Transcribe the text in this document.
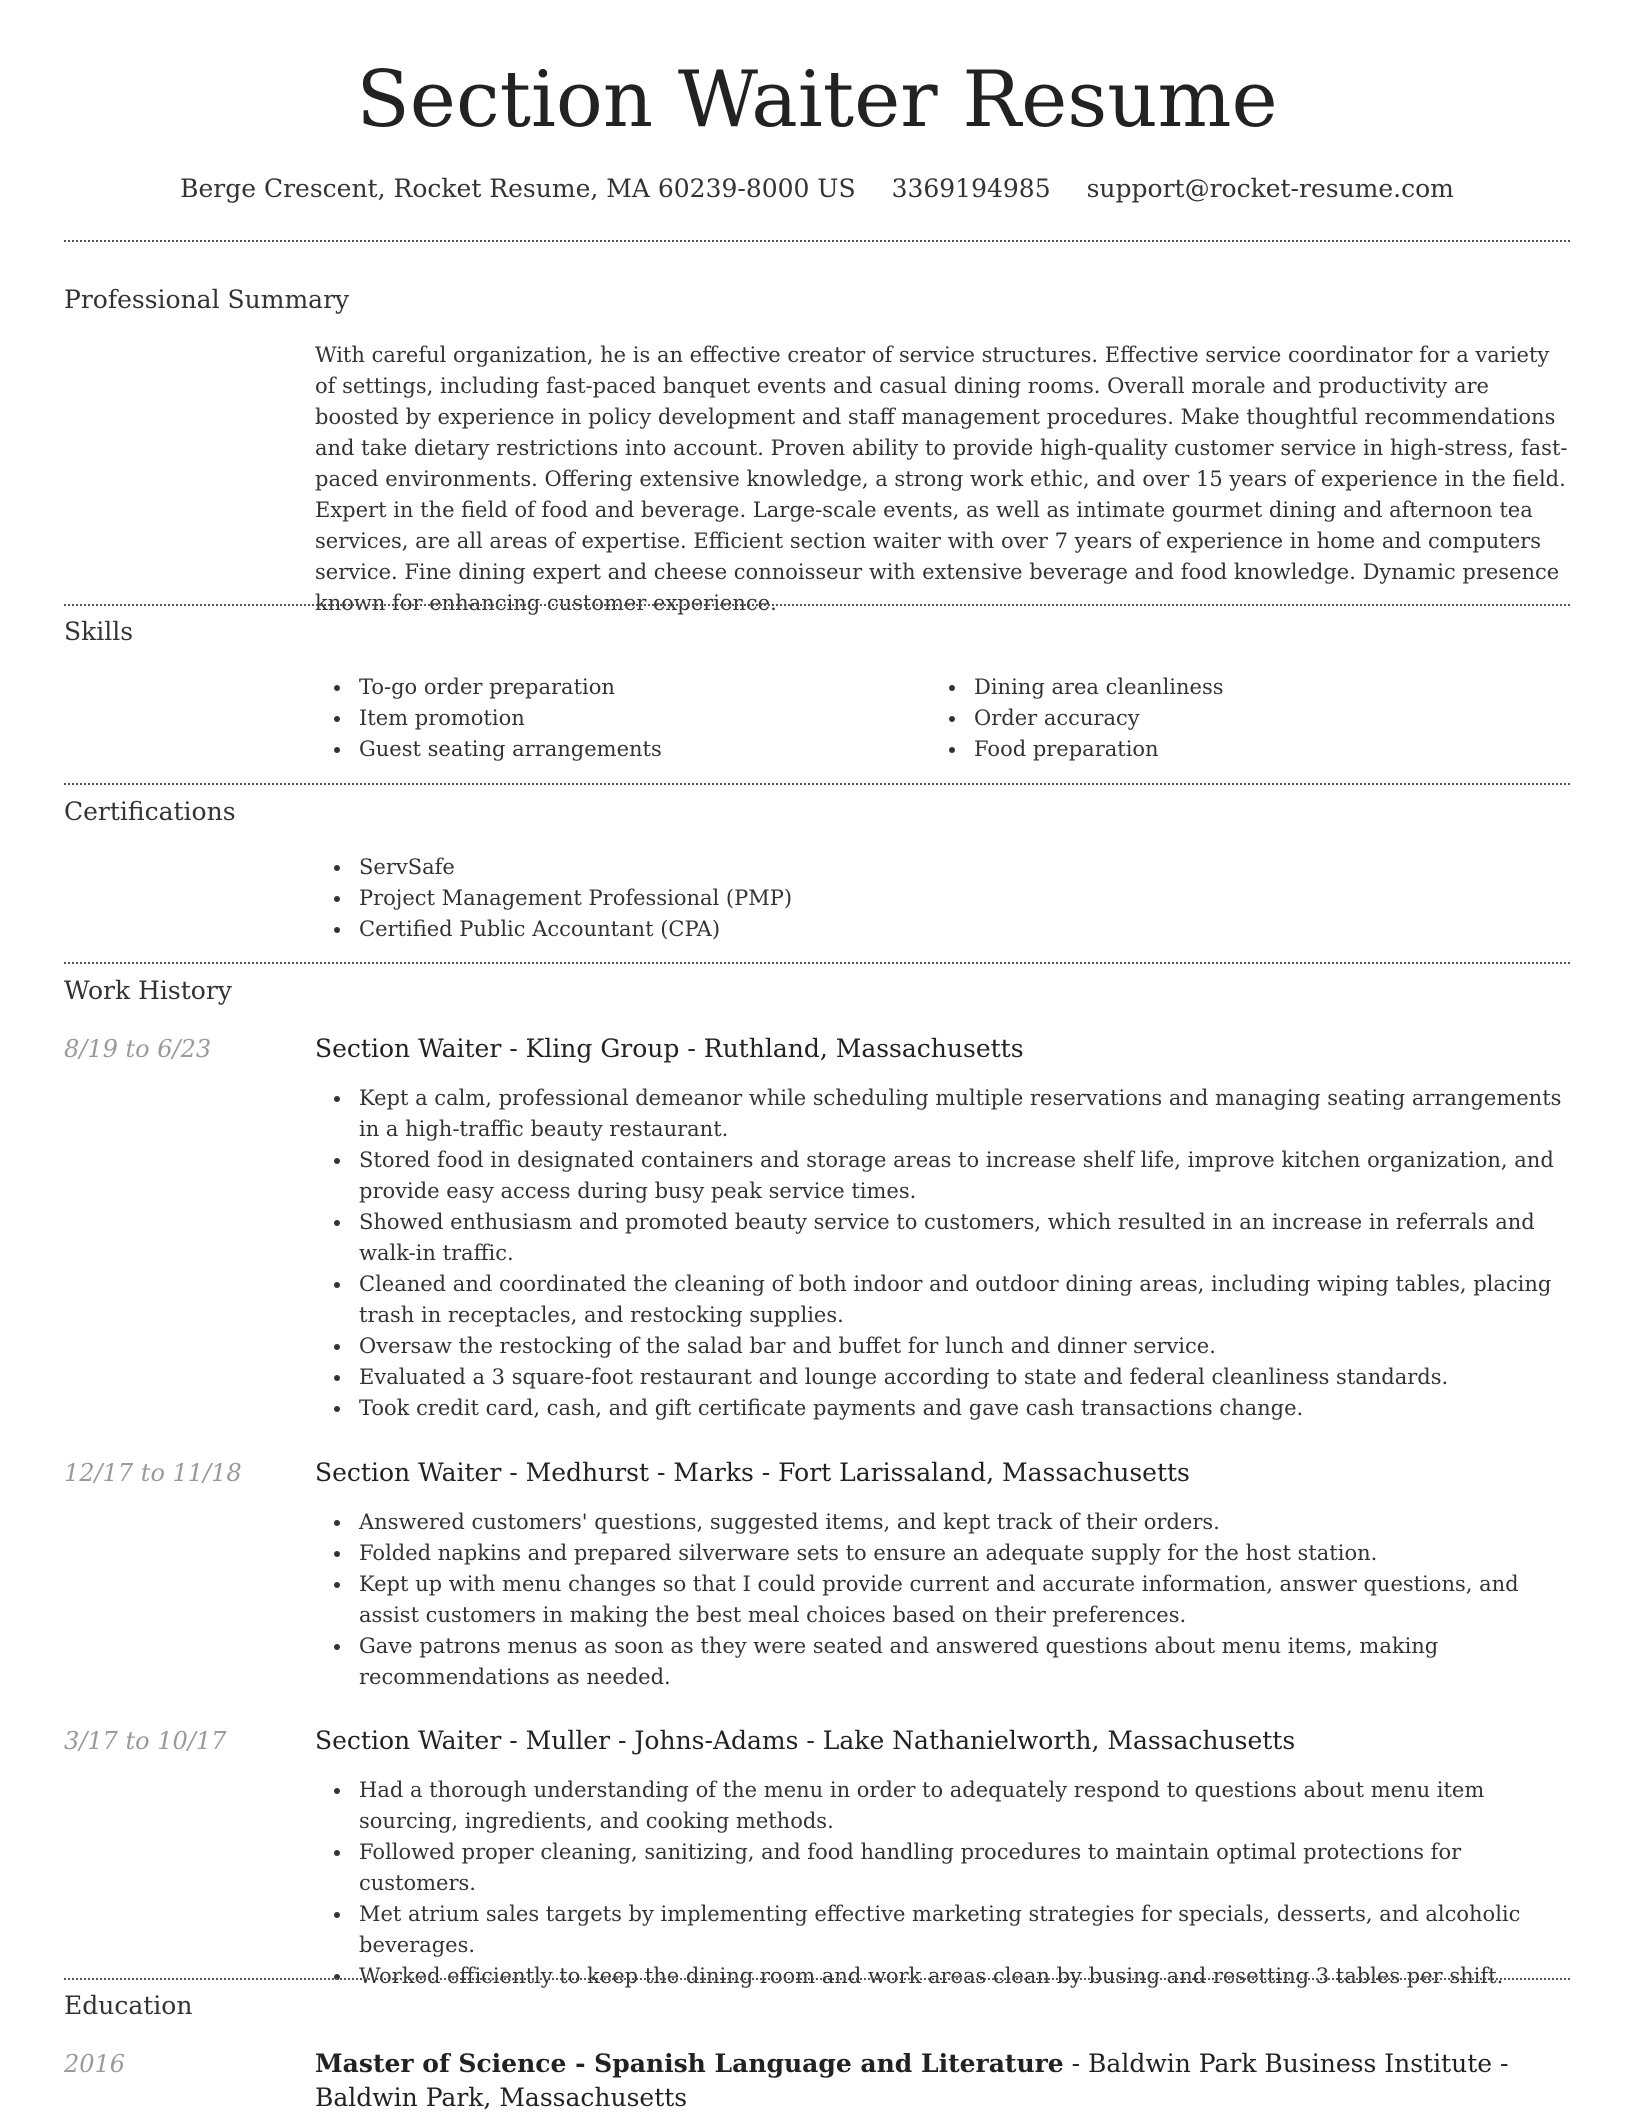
Section Waiter Resume
Berge Crescent, Rocket Resume, MA 60239-8000 US 3369194985 support@rocket-resume.com
Professional Summary
With careful organization, he is an effective creator of service structures. Effective service coordinator for a variety of settings, including fast-paced banquet events and casual dining rooms. Overall morale and productivity are boosted by experience in policy development and staff management procedures. Make thoughtful recommendations and take dietary restrictions into account. Proven ability to provide high-quality customer service in high-stress, fast-paced environments. Offering extensive knowledge, a strong work ethic, and over 15 years of experience in the field. Expert in the field of food and beverage. Large-scale events, as well as intimate gourmet dining and afternoon tea services, are all areas of expertise. Efficient section waiter with over 7 years of experience in home and computers service. Fine dining expert and cheese connoisseur with extensive beverage and food knowledge. Dynamic presence known for enhancing customer experience.
Skills
To-go order preparation
Item promotion
Guest seating arrangements
Dining area cleanliness
Order accuracy
Food preparation
Certifications
ServSafe
Project Management Professional (PMP)
Certified Public Accountant (CPA)
Work History
8/19 to 6/23	Section Waiter - Kling Group - Ruthland, Massachusetts
Kept a calm, professional demeanor while scheduling multiple reservations and managing seating arrangements in a high-traffic beauty restaurant.
Stored food in designated containers and storage areas to increase shelf life, improve kitchen organization, and provide easy access during busy peak service times.
Showed enthusiasm and promoted beauty service to customers, which resulted in an increase in referrals and walk-in traffic.
Cleaned and coordinated the cleaning of both indoor and outdoor dining areas, including wiping tables, placing trash in receptacles, and restocking supplies.
Oversaw the restocking of the salad bar and buffet for lunch and dinner service.
Evaluated a 3 square-foot restaurant and lounge according to state and federal cleanliness standards.
Took credit card, cash, and gift certificate payments and gave cash transactions change.
12/17 to 11/18	Section Waiter - Medhurst - Marks - Fort Larissaland, Massachusetts
Answered customers' questions, suggested items, and kept track of their orders.
Folded napkins and prepared silverware sets to ensure an adequate supply for the host station.
Kept up with menu changes so that I could provide current and accurate information, answer questions, and assist customers in making the best meal choices based on their preferences.
Gave patrons menus as soon as they were seated and answered questions about menu items, making recommendations as needed.
3/17 to 10/17	Section Waiter - Muller - Johns-Adams - Lake Nathanielworth, Massachusetts
Had a thorough understanding of the menu in order to adequately respond to questions about menu item sourcing, ingredients, and cooking methods.
Followed proper cleaning, sanitizing, and food handling procedures to maintain optimal protections for customers.
Met atrium sales targets by implementing effective marketing strategies for specials, desserts, and alcoholic beverages.
Worked efficiently to keep the dining room and work areas clean by busing and resetting 3 tables per shift.
Education
2016	Master of Science - Spanish Language and Literature - Baldwin Park Business Institute - Baldwin Park, Massachusetts
